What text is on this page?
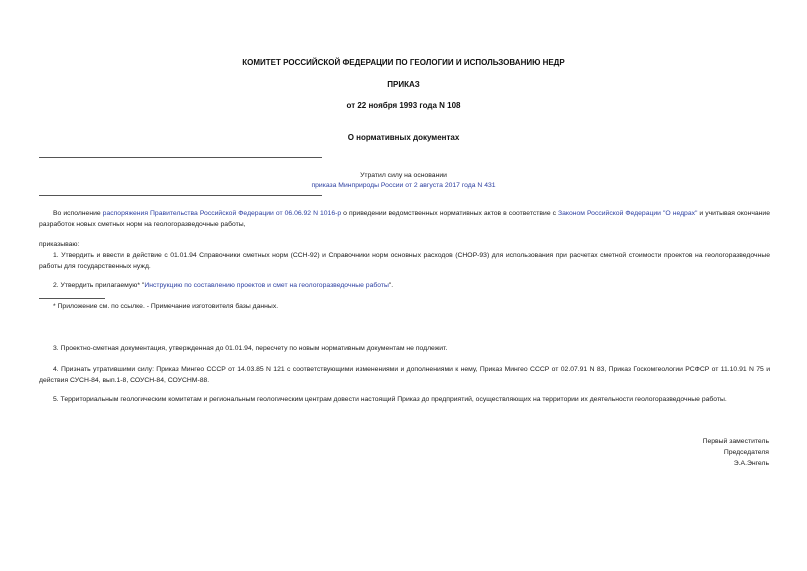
КОМИТЕТ РОССИЙСКОЙ ФЕДЕРАЦИИ ПО ГЕОЛОГИИ И ИСПОЛЬЗОВАНИЮ НЕДР
ПРИКАЗ
от 22 ноября 1993 года N 108
О нормативных документах
Утратил силу на основании
приказа Минприроды России от 2 августа 2017 года N 431
Во исполнение распоряжения Правительства Российской Федерации от 06.06.92 N 1016-р о приведении ведомственных нормативных актов в соответствие с Законом Российской Федерации "О недрах" и учитывая окончание разработок новых сметных норм на геологоразведочные работы,
приказываю:
1. Утвердить и ввести в действие с 01.01.94 Справочники сметных норм (ССН-92) и Справочники норм основных расходов (СНОР-93) для использования при расчетах сметной стоимости проектов на геологоразведочные работы для государственных нужд.
2. Утвердить прилагаемую* "Инструкцию по составлению проектов и смет на геологоразведочные работы".
* Приложение см. по ссылке. - Примечание изготовителя базы данных.
3. Проектно-сметная документация, утвержденная до 01.01.94, пересчету по новым нормативным документам не подлежит.
4. Признать утратившими силу: Приказ Мингео СССР от 14.03.85 N 121 с соответствующими изменениями и дополнениями к нему, Приказ Мингео СССР от 02.07.91 N 83, Приказ Госкомгеологии РСФСР от 11.10.91 N 75 и действия СУСН-84, вып.1-8, СОУСН-84, СОУСНМ-88.
5. Территориальным геологическим комитетам и региональным геологическим центрам довести настоящий Приказ до предприятий, осуществляющих на территории их деятельности геологоразведочные работы.
Первый заместитель
Председателя
Э.А.Энгель
